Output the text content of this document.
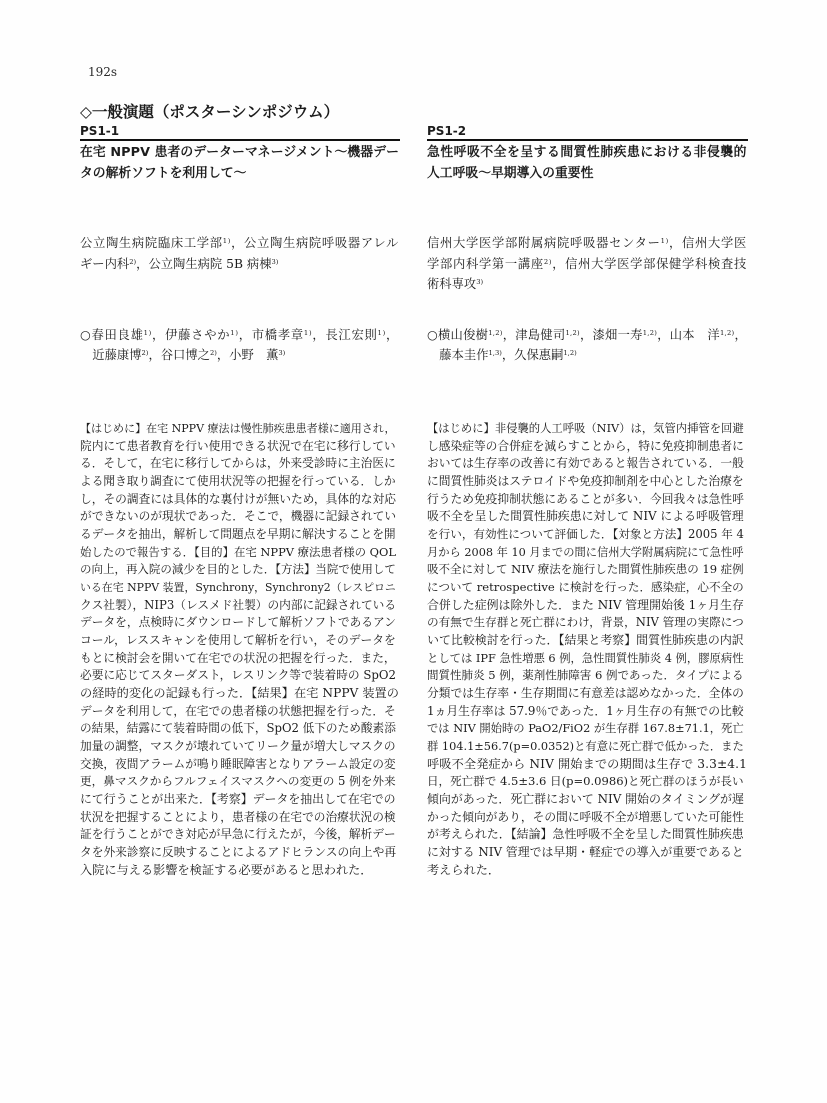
192s
◇一般演題（ポスターシンポジウム）
PS1-1
在宅 NPPV 患者のデーターマネージメント～機器デー
タの解析ソフトを利用して～
公立陶生病院臨床工学部$^{1)}$，公立陶生病院呼吸器アレル
ギー内科$^{2)}$，公立陶生病院 5B 病棟$^{3)}$
○春田良雄$^{1)}$，伊藤さやか$^{1)}$，市橋孝章$^{1)}$，長江宏則$^{1)}$，
近藤康博$^{2)}$，谷口博之$^{2)}$，小野　薫$^{3)}$
【はじめに】在宅 NPPV 療法は慢性肺疾患患者様に適用され，
院内にて患者教育を行い使用できる状況で在宅に移行してい
る．そして，在宅に移行してからは，外来受診時に主治医に
よる聞き取り調査にて使用状況等の把握を行っている．しか
し，その調査には具体的な裏付けが無いため，具体的な対応
ができないのが現状であった．そこで，機器に記録されてい
るデータを抽出，解析して問題点を早期に解決することを開
始したので報告する．【目的】在宅 NPPV 療法患者様の QOL
の向上，再入院の減少を目的とした．【方法】当院で使用して
いる在宅 NPPV 装置，Synchrony，Synchrony2（レスピロニ
クス社製），NIP3（レスメド社製）の内部に記録されている
データを，点検時にダウンロードして解析ソフトであるアン
コール，レススキャンを使用して解析を行い，そのデータを
もとに検討会を開いて在宅での状況の把握を行った．また，
必要に応じてスターダスト，レスリンク等で装着時の SpO2
の経時的変化の記録も行った．【結果】在宅 NPPV 装置の
データを利用して，在宅での患者様の状態把握を行った．そ
の結果，結露にて装着時間の低下，SpO2 低下のため酸素添
加量の調整，マスクが壊れていてリーク量が増大しマスクの
交換，夜間アラームが鳴り睡眠障害となりアラーム設定の変
更，鼻マスクからフルフェイスマスクへの変更の 5 例を外来
にて行うことが出来た．【考察】データを抽出して在宅での
状況を把握することにより，患者様の在宅での治療状況の検
証を行うことができ対応が早急に行えたが，今後，解析デー
タを外来診察に反映することによるアドヒランスの向上や再
入院に与える影響を検証する必要があると思われた．
PS1-2
急性呼吸不全を呈する間質性肺疾患における非侵襲的
人工呼吸～早期導入の重要性
信州大学医学部附属病院呼吸器センター$^{1)}$，信州大学医
学部内科学第一講座$^{2)}$，信州大学医学部保健学科検査技
術科専攻$^{3)}$
○横山俊樹$^{1,2)}$，津島健司$^{1,2)}$，漆畑一寿$^{1,2)}$，山本　洋$^{1,2)}$，
藤本圭作$^{1,3)}$，久保惠嗣$^{1,2)}$
【はじめに】非侵襲的人工呼吸（NIV）は，気管内挿管を回避
し感染症等の合併症を減らすことから，特に免疫抑制患者に
おいては生存率の改善に有効であると報告されている．一般
に間質性肺炎はステロイドや免疫抑制剤を中心とした治療を
行うため免疫抑制状態にあることが多い．今回我々は急性呼
吸不全を呈した間質性肺疾患に対して NIV による呼吸管理
を行い，有効性について評価した．【対象と方法】2005 年 4
月から 2008 年 10 月までの間に信州大学附属病院にて急性呼
吸不全に対して NIV 療法を施行した間質性肺疾患の 19 症例
について retrospective に検討を行った．感染症，心不全の
合併した症例は除外した．また NIV 管理開始後 1ヶ月生存
の有無で生存群と死亡群にわけ，背景，NIV 管理の実際につ
いて比較検討を行った．【結果と考察】間質性肺疾患の内訳
としては IPF 急性増悪 6 例，急性間質性肺炎 4 例，膠原病性
間質性肺炎 5 例，薬剤性肺障害 6 例であった．タイプによる
分類では生存率・生存期間に有意差は認めなかった．全体の
1ヵ月生存率は 57.9％であった．1ヶ月生存の有無での比較
では NIV 開始時の PaO2/FiO2 が生存群 167.8±71.1，死亡
群 104.1±56.7(p=0.0352)と有意に死亡群で低かった．また
呼吸不全発症から NIV 開始までの期間は生存で 3.3±4.1
日，死亡群で 4.5±3.6 日(p=0.0986)と死亡群のほうが長い
傾向があった．死亡群において NIV 開始のタイミングが遅
かった傾向があり，その間に呼吸不全が増悪していた可能性
が考えられた．【結論】急性呼吸不全を呈した間質性肺疾患
に対する NIV 管理では早期・軽症での導入が重要であると
考えられた．
